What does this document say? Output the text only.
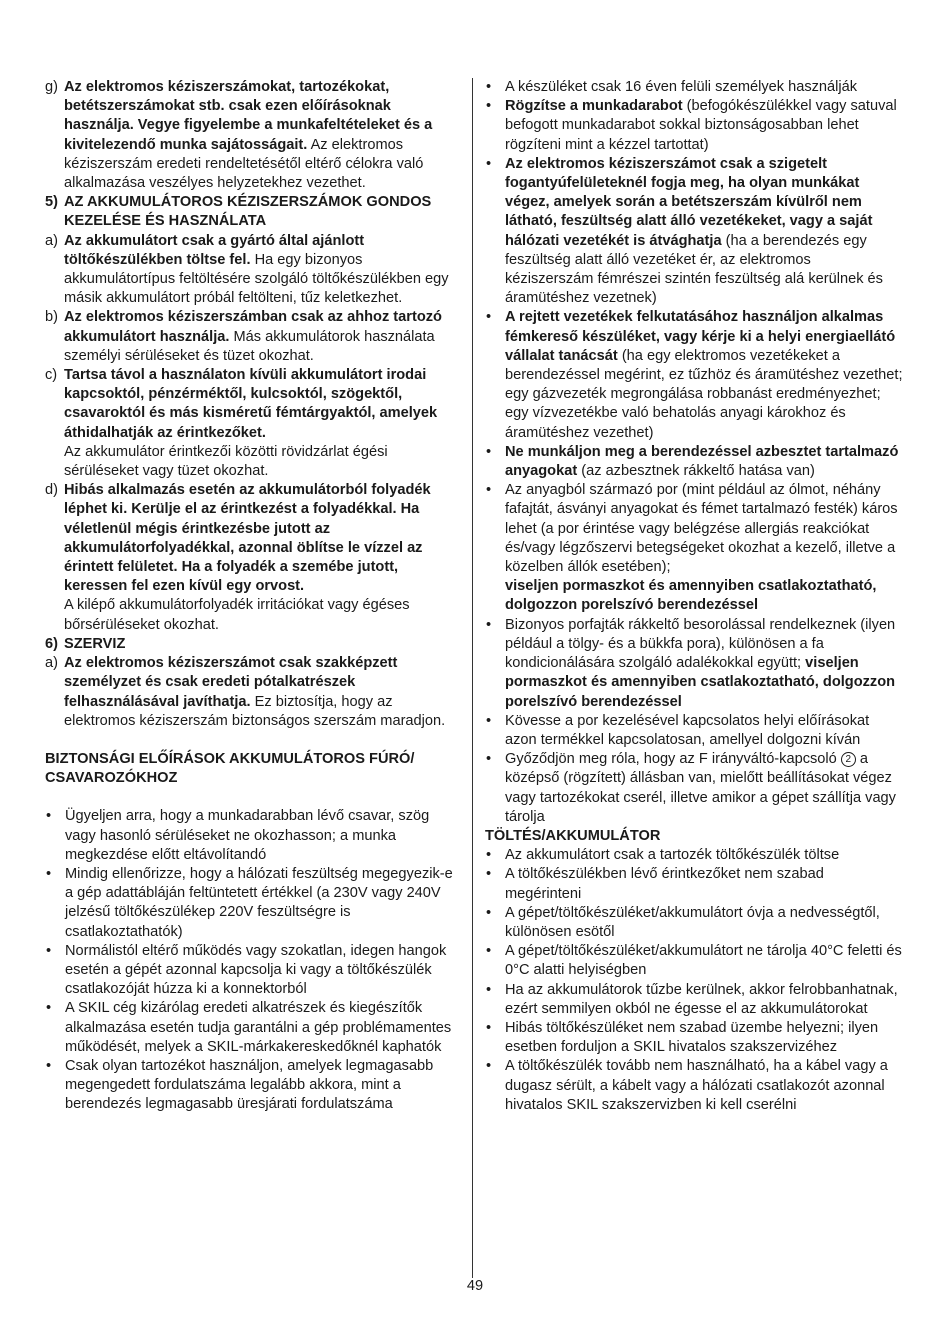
g) Az elektromos kéziszerszámokat, tartozékokat, betétszerszámokat stb. csak ezen előírásoknak használja. Vegye figyelembe a munkafeltételeket és a kivitelezendő munka sajátosságait. Az elektromos kéziszerszám eredeti rendeltetésétől eltérő célokra való alkalmazása veszélyes helyzetekhez vezethet.
5) AZ AKKUMULÁTOROS KÉZISZERSZÁMOK GONDOS KEZELÉSE ÉS HASZNÁLATA
a) Az akkumulátort csak a gyártó által ajánlott töltőkészülékben töltse fel. Ha egy bizonyos akkumulátortípus feltöltésére szolgáló töltőkészülékben egy másik akkumulátort próbál feltölteni, tűz keletkezhet.
b) Az elektromos kéziszerszámban csak az ahhoz tartozó akkumulátort használja. Más akkumulátorok használata személyi sérüléseket és tüzet okozhat.
c) Tartsa távol a használaton kívüli akkumulátort irodai kapcsoktól, pénzérméktől, kulcsoktól, szögektől, csavaroktól és más kisméretű fémtárgyaktól, amelyek áthidalhatják az érintkezőket.
Az akkumulátor érintkezői közötti rövidzárlat égési sérüléseket vagy tüzet okozhat.
d) Hibás alkalmazás esetén az akkumulátorból folyadék léphet ki. Kerülje el az érintkezést a folyadékkal. Ha véletlenül mégis érintkezésbe jutott az akkumulátorfolyadékkal, azonnal öblítse le vízzel az érintett felületet. Ha a folyadék a szemébe jutott, keressen fel ezen kívül egy orvost.
A kilépő akkumulátorfolyadék irritációkat vagy égéses bőrsérüléseket okozhat.
6) SZERVIZ
a) Az elektromos kéziszerszámot csak szakképzett személyzet és csak eredeti pótalkatrészek felhasználásával javíthatja. Ez biztosítja, hogy az elektromos kéziszerszám biztonságos szerszám maradjon.
BIZTONSÁGI ELŐÍRÁSOK AKKUMULÁTOROS FÚRÓ/ CSAVAROZÓKHOZ
• Ügyeljen arra, hogy a munkadarabban lévő csavar, szög vagy hasonló sérüléseket ne okozhasson; a munka megkezdése előtt eltávolítandó
• Mindig ellenőrizze, hogy a hálózati feszültség megegyezik-e a gép adattábláján feltüntetett értékkel (a 230V vagy 240V jelzésű töltőkészülékep 220V feszültségre is csatlakoztathatók)
• Normálistól eltérő működés vagy szokatlan, idegen hangok esetén a gépét azonnal kapcsolja ki vagy a töltőkészülék csatlakozóját húzza ki a konnektorból
• A SKIL cég kizárólag eredeti alkatrészek és kiegészítők alkalmazása esetén tudja garantálni a gép problémamentes működését, melyek a SKIL-márkakereskedőknél kaphatók
• Csak olyan tartozékot használjon, amelyek legmagasabb megengedett fordulatszáma legalább akkora, mint a berendezés legmagasabb üresjárati fordulatszáma
• A készüléket csak 16 éven felüli személyek használják
• Rögzítse a munkadarabot (befogókészülékkel vagy satuval befogott munkadarabot sokkal biztonságosabban lehet rögzíteni mint a kézzel tartottat)
• Az elektromos kéziszerszámot csak a szigetelt fogantyúfelületeknél fogja meg, ha olyan munkákat végez, amelyek során a betétszerszám kívülről nem látható, feszültség alatt álló vezetékeket, vagy a saját hálózati vezetékét is átvághatja (ha a berendezés egy feszültség alatt álló vezetéket ér, az elektromos kéziszerszám fémrészei szintén feszültség alá kerülnek és áramütéshez vezetnek)
• A rejtett vezetékek felkutatásához használjon alkalmas fémkereső készüléket, vagy kérje ki a helyi energiaellátó vállalat tanácsát (ha egy elektromos vezetékeket a berendezéssel megérint, ez tűzhöz és áramütéshez vezethet; egy gázvezeték megrongálása robbanást eredményezhet; egy vízvezetékbe való behatolás anyagi károkhoz és áramütéshez vezethet)
• Ne munkáljon meg a berendezéssel azbesztet tartalmazó anyagokat (az azbesztnek rákkeltő hatása van)
• Az anyagból származó por (mint például az ólmot, néhány fafajtát, ásványi anyagokat és fémet tartalmazó festék) káros lehet (a por érintése vagy belégzése allergiás reakciókat és/vagy légzőszervi betegségeket okozhat a kezelő, illetve a közelben állók esetében);
viseljen pormaszkot és amennyiben csatlakoztatható, dolgozzon porelszívó berendezéssel
• Bizonyos porfajták rákkeltő besorolással rendelkeznek (ilyen például a tölgy- és a bükkfa pora), különösen a fa kondicionálására szolgáló adalékokkal együtt; viseljen pormaszkot és amennyiben csatlakoztatható, dolgozzon porelszívó berendezéssel
• Kövesse a por kezelésével kapcsolatos helyi előírásokat azon termékkel kapcsolatosan, amellyel dolgozni kíván
• Győződjön meg róla, hogy az F irányváltó-kapcsoló 2 a középső (rögzített) állásban van, mielőtt beállításokat végez vagy tartozékokat cserél, illetve amikor a gépet szállítja vagy tárolja
TÖLTÉS/AKKUMULÁTOR
• Az akkumulátort csak a tartozék töltőkészülék töltse
• A töltőkészülékben lévő érintkezőket nem szabad megérinteni
• A gépet/töltőkészüléket/akkumulátort óvja a nedvességtől, különösen esötől
• A gépet/töltőkészüléket/akkumulátort ne tárolja 40°C feletti és 0°C alatti helyiségben
• Ha az akkumulátorok tűzbe kerülnek, akkor felrobbanhatnak, ezért semmilyen okból ne égesse el az akkumulátorokat
• Hibás töltőkészüléket nem szabad üzembe helyezni; ilyen esetben forduljon a SKIL hivatalos szakszervizéhez
• A töltőkészülék tovább nem használható, ha a kábel vagy a dugasz sérült, a kábelt vagy a hálózati csatlakozót azonnal hivatalos SKIL szakszervizben ki kell cserélni
49
